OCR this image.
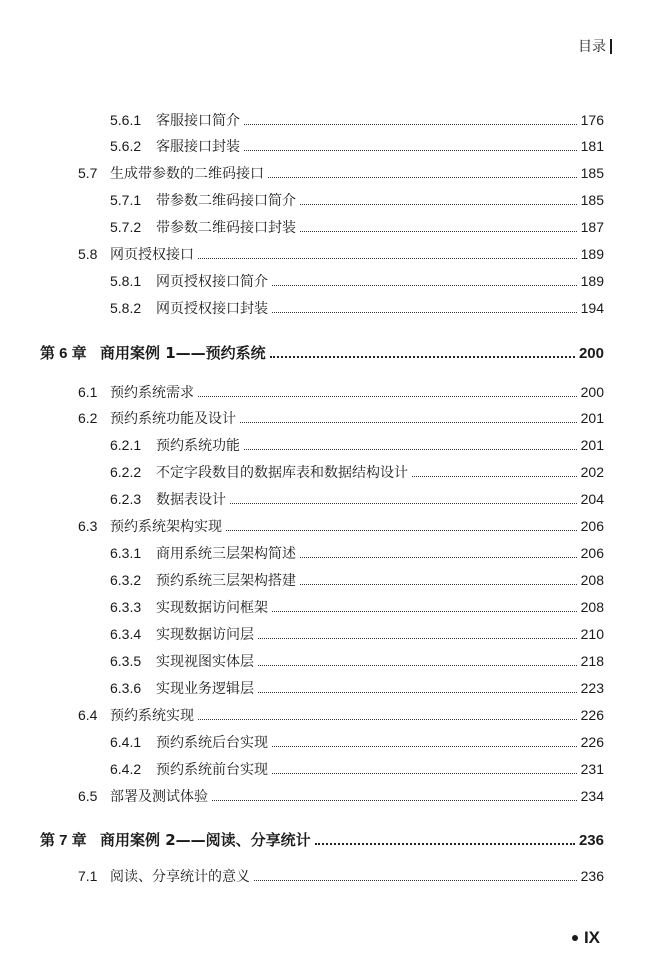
目录
5.6.1	客服接口简介	176
5.6.2	客服接口封装	181
5.7 生成带参数的二维码接口	185
5.7.1	带参数二维码接口简介	185
5.7.2	带参数二维码接口封装	187
5.8 网页授权接口	189
5.8.1	网页授权接口简介	189
5.8.2	网页授权接口封装	194
第 6 章 商用案例 1——预约系统	200
6.1 预约系统需求	200
6.2 预约系统功能及设计	201
6.2.1	预约系统功能	201
6.2.2	不定字段数目的数据库表和数据结构设计	202
6.2.3	数据表设计	204
6.3 预约系统架构实现	206
6.3.1	商用系统三层架构简述	206
6.3.2	预约系统三层架构搭建	208
6.3.3	实现数据访问框架	208
6.3.4	实现数据访问层	210
6.3.5	实现视图实体层	218
6.3.6	实现业务逻辑层	223
6.4 预约系统实现	226
6.4.1	预约系统后台实现	226
6.4.2	预约系统前台实现	231
6.5 部署及测试体验	234
第 7 章 商用案例 2——阅读、分享统计	236
7.1 阅读、分享统计的意义	236
IX
